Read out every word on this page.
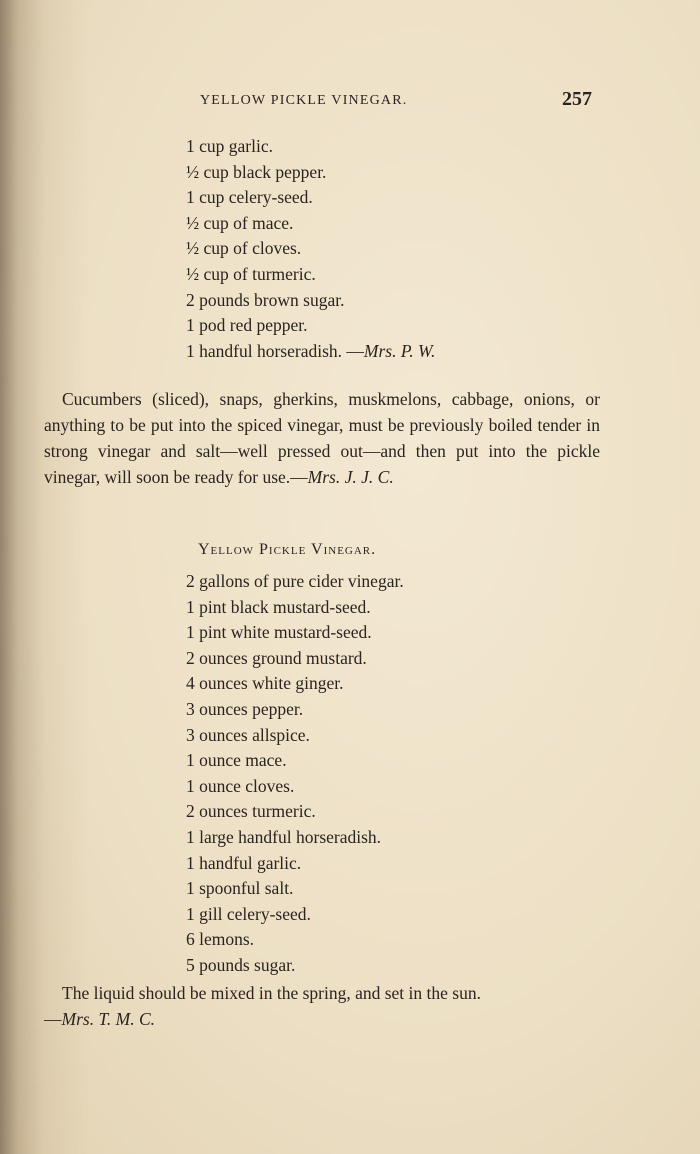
YELLOW PICKLE VINEGAR.	257
1 cup garlic.
½ cup black pepper.
1 cup celery-seed.
½ cup of mace.
½ cup of cloves.
½ cup of turmeric.
2 pounds brown sugar.
1 pod red pepper.
1 handful horseradish. —Mrs. P. W.

Cucumbers (sliced), snaps, gherkins, muskmelons, cabbage, onions, or anything to be put into the spiced vinegar, must be previously boiled tender in strong vinegar and salt—well pressed out—and then put into the pickle vinegar, will soon be ready for use.—Mrs. J. J. C.

Yellow Pickle Vinegar.
2 gallons of pure cider vinegar.
1 pint black mustard-seed.
1 pint white mustard-seed.
2 ounces ground mustard.
4 ounces white ginger.
3 ounces pepper.
3 ounces allspice.
1 ounce mace.
1 ounce cloves.
2 ounces turmeric.
1 large handful horseradish.
1 handful garlic.
1 spoonful salt.
1 gill celery-seed.
6 lemons.
5 pounds sugar.

The liquid should be mixed in the spring, and set in the sun.
—Mrs. T. M. C.
